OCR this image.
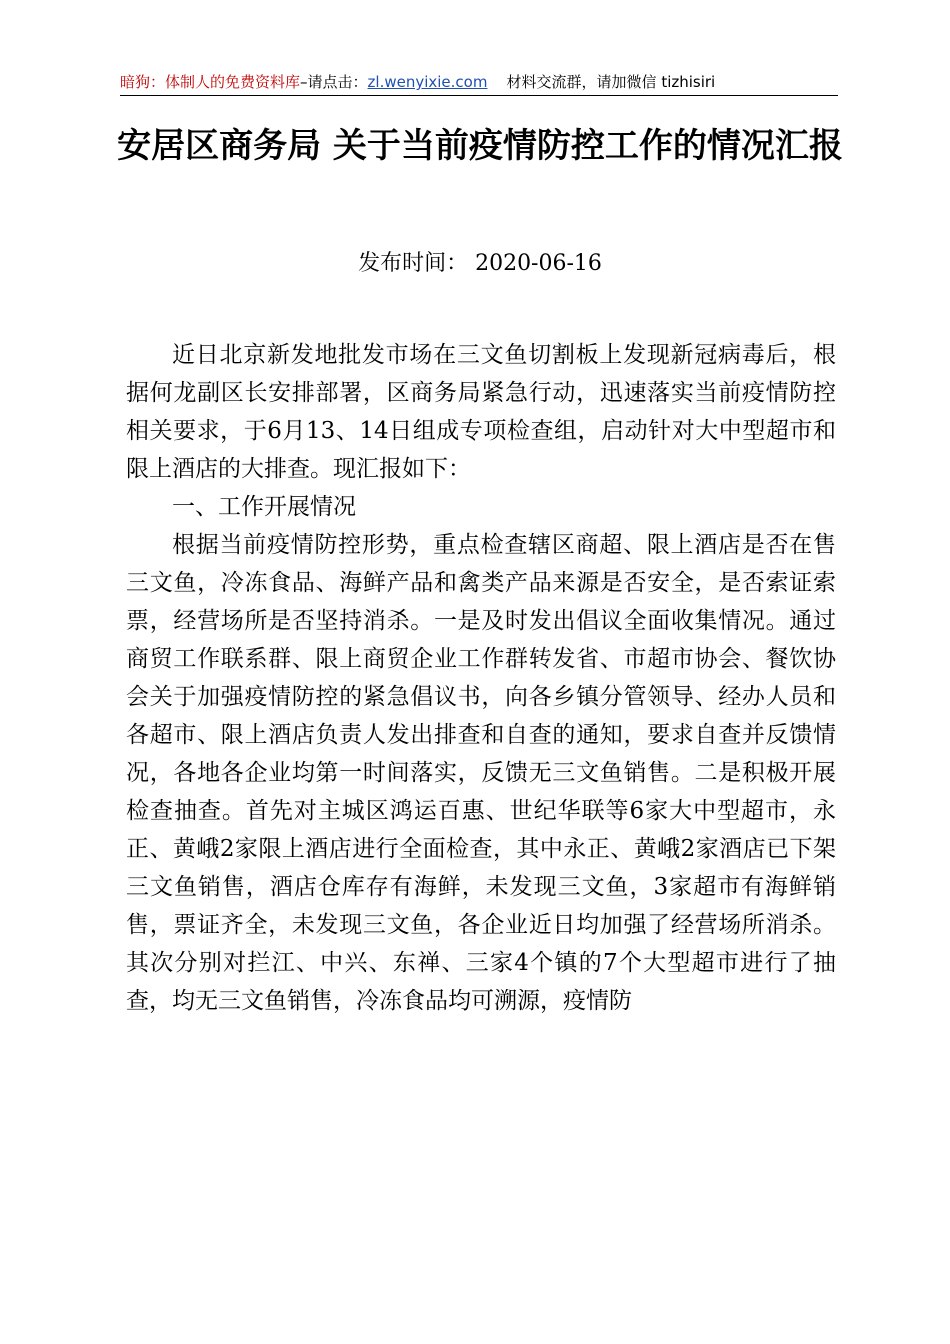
暗狗：体制人的免费资料库–请点击：zl.wenyixie.com 材料交流群，请加微信 tizhisiri
安居区商务局 关于当前疫情防控工作的情况汇报
发布时间： 2020-06-16

近日北京新发地批发市场在三文鱼切割板上发现新冠病毒后，根据何龙副区长安排部署，区商务局紧急行动，迅速落实当前疫情防控相关要求，于6月13、14日组成专项检查组，启动针对大中型超市和限上酒店的大排查。现汇报如下：

一、工作开展情况

根据当前疫情防控形势，重点检查辖区商超、限上酒店是否在售三文鱼，冷冻食品、海鲜产品和禽类产品来源是否安全，是否索证索票，经营场所是否坚持消杀。一是及时发出倡议全面收集情况。通过商贸工作联系群、限上商贸企业工作群转发省、市超市协会、餐饮协会关于加强疫情防控的紧急倡议书，向各乡镇分管领导、经办人员和各超市、限上酒店负责人发出排查和自查的通知，要求自查并反馈情况，各地各企业均第一时间落实，反馈无三文鱼销售。二是积极开展检查抽查。首先对主城区鸿运百惠、世纪华联等6家大中型超市，永正、黄峨2家限上酒店进行全面检查，其中永正、黄峨2家酒店已下架三文鱼销售，酒店仓库存有海鲜，未发现三文鱼，3家超市有海鲜销售，票证齐全，未发现三文鱼，各企业近日均加强了经营场所消杀。其次分别对拦江、中兴、东禅、三家4个镇的7个大型超市进行了抽查，均无三文鱼销售，冷冻食品均可溯源，疫情防
